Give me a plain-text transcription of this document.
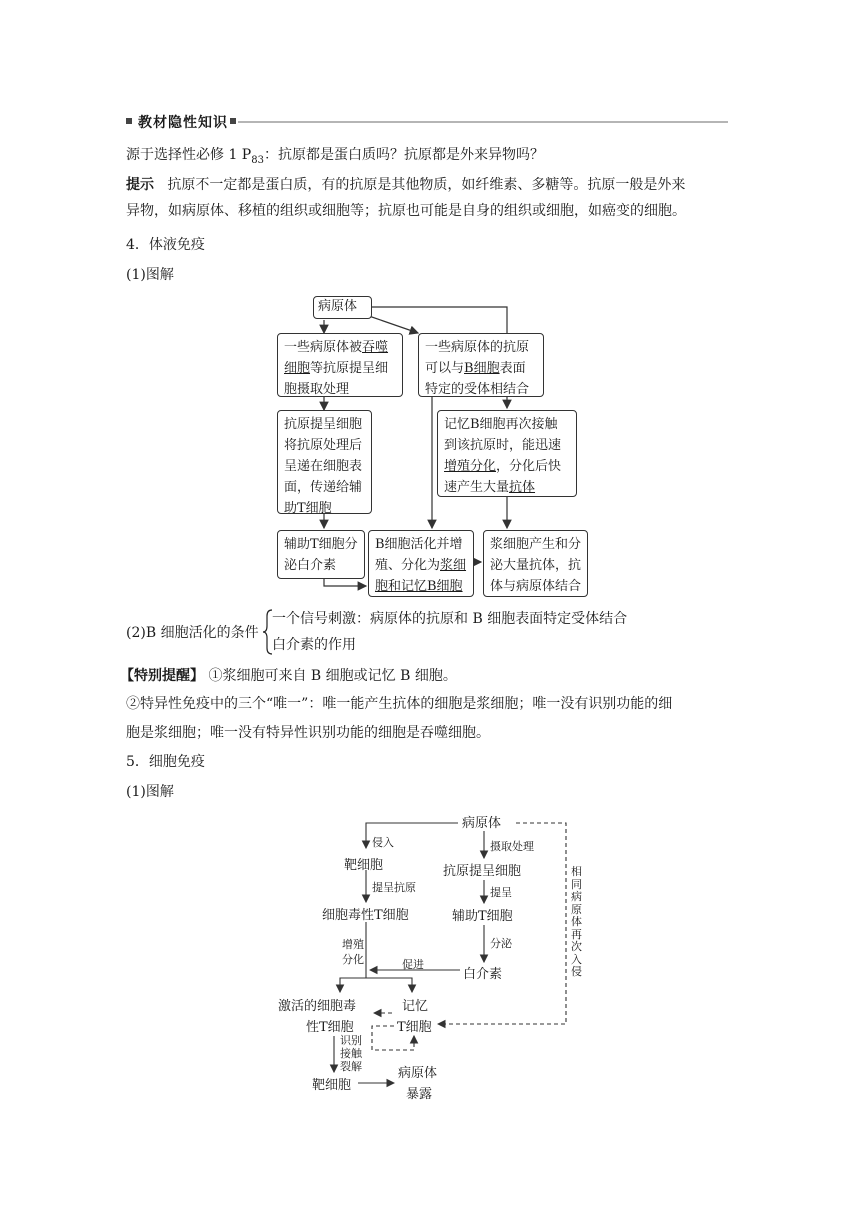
教材隐性知识
源于选择性必修 1 $P_{83}$：抗原都是蛋白质吗？抗原都是外来异物吗？
提示 抗原不一定都是蛋白质，有的抗原是其他物质，如纤维素、多糖等。抗原一般是外来
异物，如病原体、移植的组织或细胞等；抗原也可能是自身的组织或细胞，如癌变的细胞。
4．体液免疫
(1)图解
病原体
一些病原体被吞噬
细胞等抗原提呈细
胞摄取处理
一些病原体的抗原
可以与B细胞表面
特定的受体相结合
抗原提呈细胞
将抗原处理后
呈递在细胞表
面，传递给辅
助T细胞
记忆B细胞再次接触
到该抗原时，能迅速
增殖分化，分化后快
速产生大量抗体
辅助T细胞分
泌白介素
B细胞活化并增
殖、分化为浆细
胞和记忆B细胞
浆细胞产生和分
泌大量抗体，抗
体与病原体结合
(2)B 细胞活化的条件
一个信号刺激：病原体的抗原和 B 细胞表面特定受体结合
白介素的作用
【特别提醒】 ①浆细胞可来自 B 细胞或记忆 B 细胞。
②特异性免疫中的三个“唯一”：唯一能产生抗体的细胞是浆细胞；唯一没有识别功能的细
胞是浆细胞；唯一没有特异性识别功能的细胞是吞噬细胞。
5．细胞免疫
(1)图解
病原体
侵入	摄取处理
靶细胞	抗原提呈细胞
提呈抗原	提呈
细胞毒性T细胞	辅助T细胞
增殖
分化
分泌
促进
白介素
激活的细胞毒
性T细胞
记忆
T细胞
识别
接触
裂解
靶细胞
病原体
暴露
相
同
病
原
体
再
次
入
侵
